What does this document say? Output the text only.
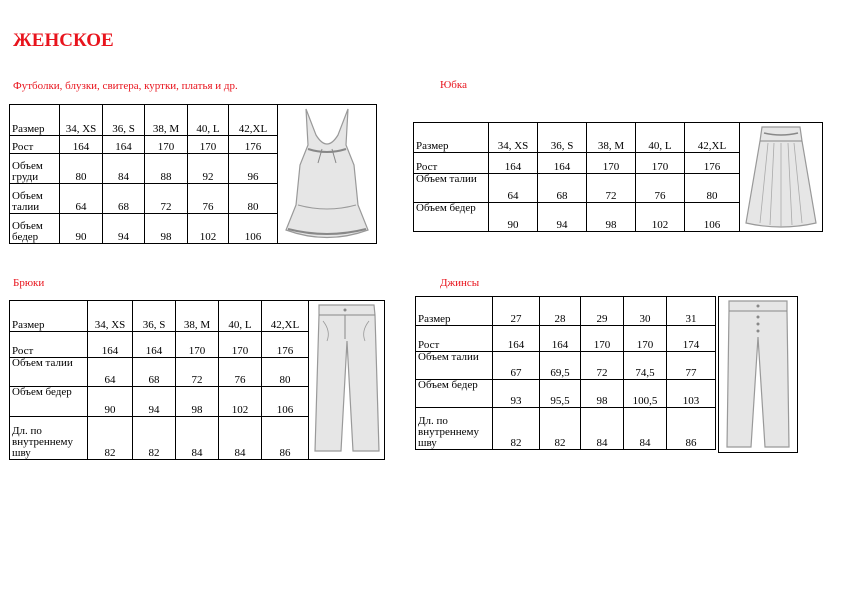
ЖЕНСКОЕ
Футболки, блузки, свитера, куртки, платья и др.
Размер	34, XS	36, S	38, M	40, L	42,XL	

Рост	164	164	170	170	176	
Объем груди	80	84	88	92	96	
Объем талии	64	68	72	76	80	
Объем бедер	90	94	98	102	106	
Юбка
Размер	34, XS	36, S	38, M	40, L	42,XL	

Рост	164	164	170	170	176	
Объем талии	64	68	72	76	80	
Объем бедер	90	94	98	102	106	
Брюки
Размер	34, XS	36, S	38, M	40, L	42,XL	

Рост	164	164	170	170	176	
Объем талии	64	68	72	76	80	
Объем бедер	90	94	98	102	106	
Дл. по внутреннему шву	82	82	84	84	86	
Джинсы
Размер	27	28	29	30	31
Рост	164	164	170	170	174
Объем талии	67	69,5	72	74,5	77
Объем бедер	93	95,5	98	100,5	103
Дл. по внутреннему шву	82	82	84	84	86
